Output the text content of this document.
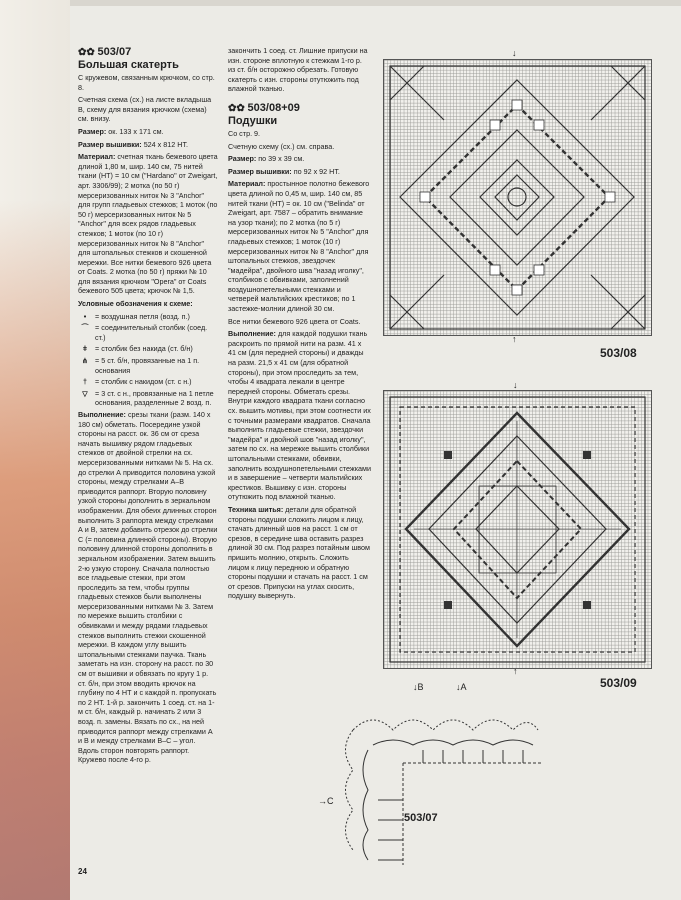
✿✿ 503/07
Большая скатерть

С кружевом, связанным крючком, со стр. 8.

Счетная схема (сх.) на листе вкладыша В, схему для вязания крючком (схема) см. внизу.

Размер: ок. 133 х 171 см.

Размер вышивки: 524 х 812 НТ.

Материал: счетная ткань бежевого цвета длиной 1,80 м, шир. 140 см, 75 нитей ткани (НТ) = 10 см ("Hardano" от Zweigart, арт. 3306/99); 2 мотка (по 50 г) мерсеризованных ниток № 3 "Anchor" для групп гладьевых стежков; 1 моток (по 50 г) мерсеризованных ниток № 5 "Anchor" для всех рядов гладьевых стежков; 1 моток (по 10 г) мерсеризованных ниток № 8 "Anchor" для штопальных стежков и скошенной мережки. Все нитки бежевого 926 цвета от Coats. 2 мотка (по 50 г) пряжи № 10 для вязания крючком "Opera" от Coats бежевого 505 цвета; крючок № 1,5.

Условные обозначения к схеме:

•	= воздушная петля (возд. п.)
⌒ = соединительный столбик (соед. ст.)
ǂ	= столбик без накида (ст. б/н)
⋔ = 5 ст. б/н, провязанные на 1 п. основания
†	= столбик с накидом (ст. с н.)
▽	= 3 ст. с н., провязанные на 1 петле основания, разделенные 2 возд. п.

Выполнение: срезы ткани (разм. 140 х 180 см) обметать. Посередине узкой стороны на расст. ок. 36 см от среза начать вышивку рядом гладьевых стежков от двойной стрелки на сх. мерсеризованными нитками № 5. На сх. до стрелки А приводится половина узкой стороны, между стрелками А–В приводится раппорт. Вторую половину узкой стороны дополнить в зеркальном изображении. Для обеих длинных сторон выполнить 3 раппорта между стрелками А и В, затем добавить отрезок до стрелки С (= половина длинной стороны). Вторую половину длинной стороны дополнить в зеркальном изображении. Затем вышить 2-ю узкую сторону. Сначала полностью все гладьевые стежки, при этом проследить за тем, чтобы группы гладьевых стежков были выполнены мерсеризованными нитками № 3. Затем по мережке вышить столбики с обвивками и между рядами гладьевых стежков выполнить стежки скошенной мережки. В каждом углу вышить штопальными стежками паучка. Ткань заметать на изн. сторону на расст. по 30 см от вышивки и обвязать по кругу 1 р. ст. б/н, при этом вводить крючок на глубину по 4 НТ и с каждой п. пропускать по 2 НТ. 1-й р. закончить 1 соед. ст. на 1-м ст. б/н, каждый р. начинать 2 или 3 возд. п. замены. Вязать по сх., на ней приводится раппорт между стрелками А и В и между стрелками В–С – угол. Вдоль сторон повторять раппорт. Кружево после 4-го р.

закончить 1 соед. ст. Лишние припуски на изн. стороне вплотную к стежкам 1-го р. из ст. б/н осторожно обрезать. Готовую скатерть с изн. стороны отутюжить под влажной тканью.

✿✿ 503/08+09
Подушки

Со стр. 9.

Счетную схему (сх.) см. справа.

Размер: по 39 х 39 см.

Размер вышивки: по 92 х 92 НТ.

Материал: простынное полотно бежевого цвета длиной по 0,45 м, шир. 140 см, 85 нитей ткани (НТ) = ок. 10 см ("Belinda" от Zweigart, арт. 7587 – обратить внимание на узор ткани); по 2 мотка (по 5 г) мерсеризованных ниток № 5 "Anchor" для гладьевых стежков; 1 моток (10 г) мерсеризованных ниток № 8 "Anchor" для штопальных стежков, звездочек "мадейра", двойного шва "назад иголку", столбиков с обвивками, заполнений воздушнопетельными стежками и четверей мальтийских крестиков; по 1 застежке-молнии длиной 30 см.

Все нитки бежевого 926 цвета от Coats.

Выполнение: для каждой подушки ткань раскроить по прямой нити на разм. 41 х 41 см (для передней стороны) и дважды на разм. 21,5 х 41 см (для обратной стороны), при этом проследить за тем, чтобы 4 квадрата лежали в центре передней стороны. Обметать срезы. Внутри каждого квадрата ткани согласно сх. вышить мотивы, при этом соотнести их с точными размерами квадратов. Сначала выполнить гладьевые стежки, звездочки "мадейра" и двойной шов "назад иголку", затем по сх. на мережке вышить столбики штопальными стежками, обвивки, заполнить воздушнопетельными стежками и в завершение – четверти мальтийских крестиков. Вышивку с изн. стороны отутюжить под влажной тканью.

Техника шитья: детали для обратной стороны подушки сложить лицом к лицу, стачать длинный шов на расст. 1 см от срезов, в середине шва оставить разрез длиной 30 см. Под разрез потайным швом пришить молнию, открыть. Сложить лицом к лицу переднюю и обратную стороны подушки и стачать на расст. 1 см от срезов. Припуски на углах скосить, подушку вывернуть.

↓
↑
503/08
↓
↑
503/09
↓B	↓A
→C
503/07
24
